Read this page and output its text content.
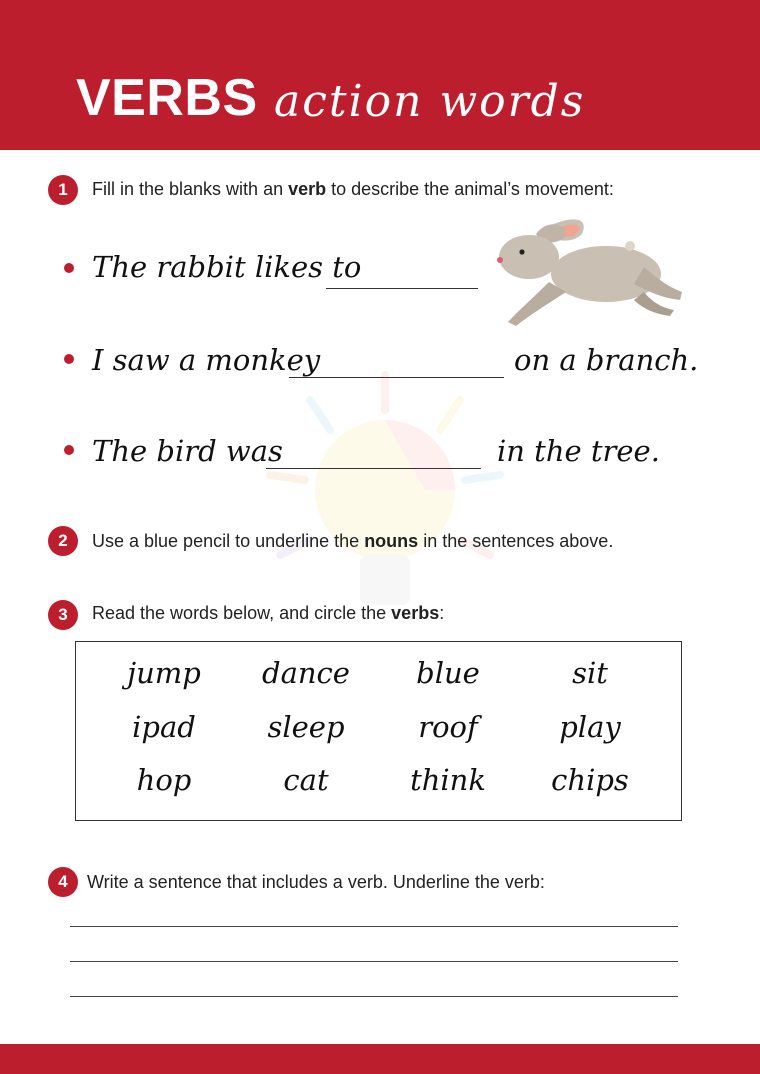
VERBS action words
1	Fill in the blanks with an verb to describe the animal’s movement:
The rabbit likes to
I saw a monkey	on a branch.
The bird was	in the tree.
2	Use a blue pencil to underline the nouns in the sentences above.
3	Read the words below, and circle the verbs:
jump	dance	blue	sit
ipad	sleep	roof	play
hop	cat	think	chips
4	Write a sentence that includes a verb. Underline the verb:
